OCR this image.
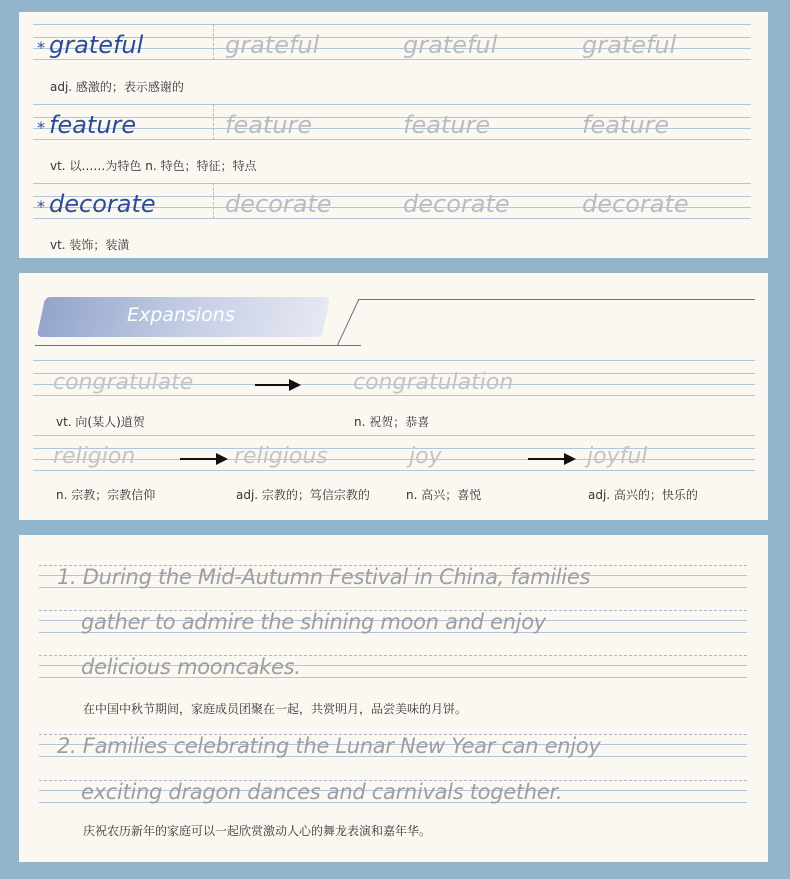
* grateful	grateful	grateful	grateful
adj. 感激的；表示感谢的
* feature	feature	feature	feature
vt. 以……为特色 n. 特色；特征；特点
* decorate	decorate	decorate	decorate
vt. 装饰；装潢
Expansions
congratulate	congratulation
vt. 向(某人)道贺	n. 祝贺；恭喜
religion	religious	joy	joyful
n. 宗教；宗教信仰	adj. 宗教的；笃信宗教的	n. 高兴；喜悦	adj. 高兴的；快乐的
1. During the Mid-Autumn Festival in China, families
gather to admire the shining moon and enjoy
delicious mooncakes.
在中国中秋节期间，家庭成员团聚在一起，共赏明月，品尝美味的月饼。
2. Families celebrating the Lunar New Year can enjoy
exciting dragon dances and carnivals together.
庆祝农历新年的家庭可以一起欣赏激动人心的舞龙表演和嘉年华。
